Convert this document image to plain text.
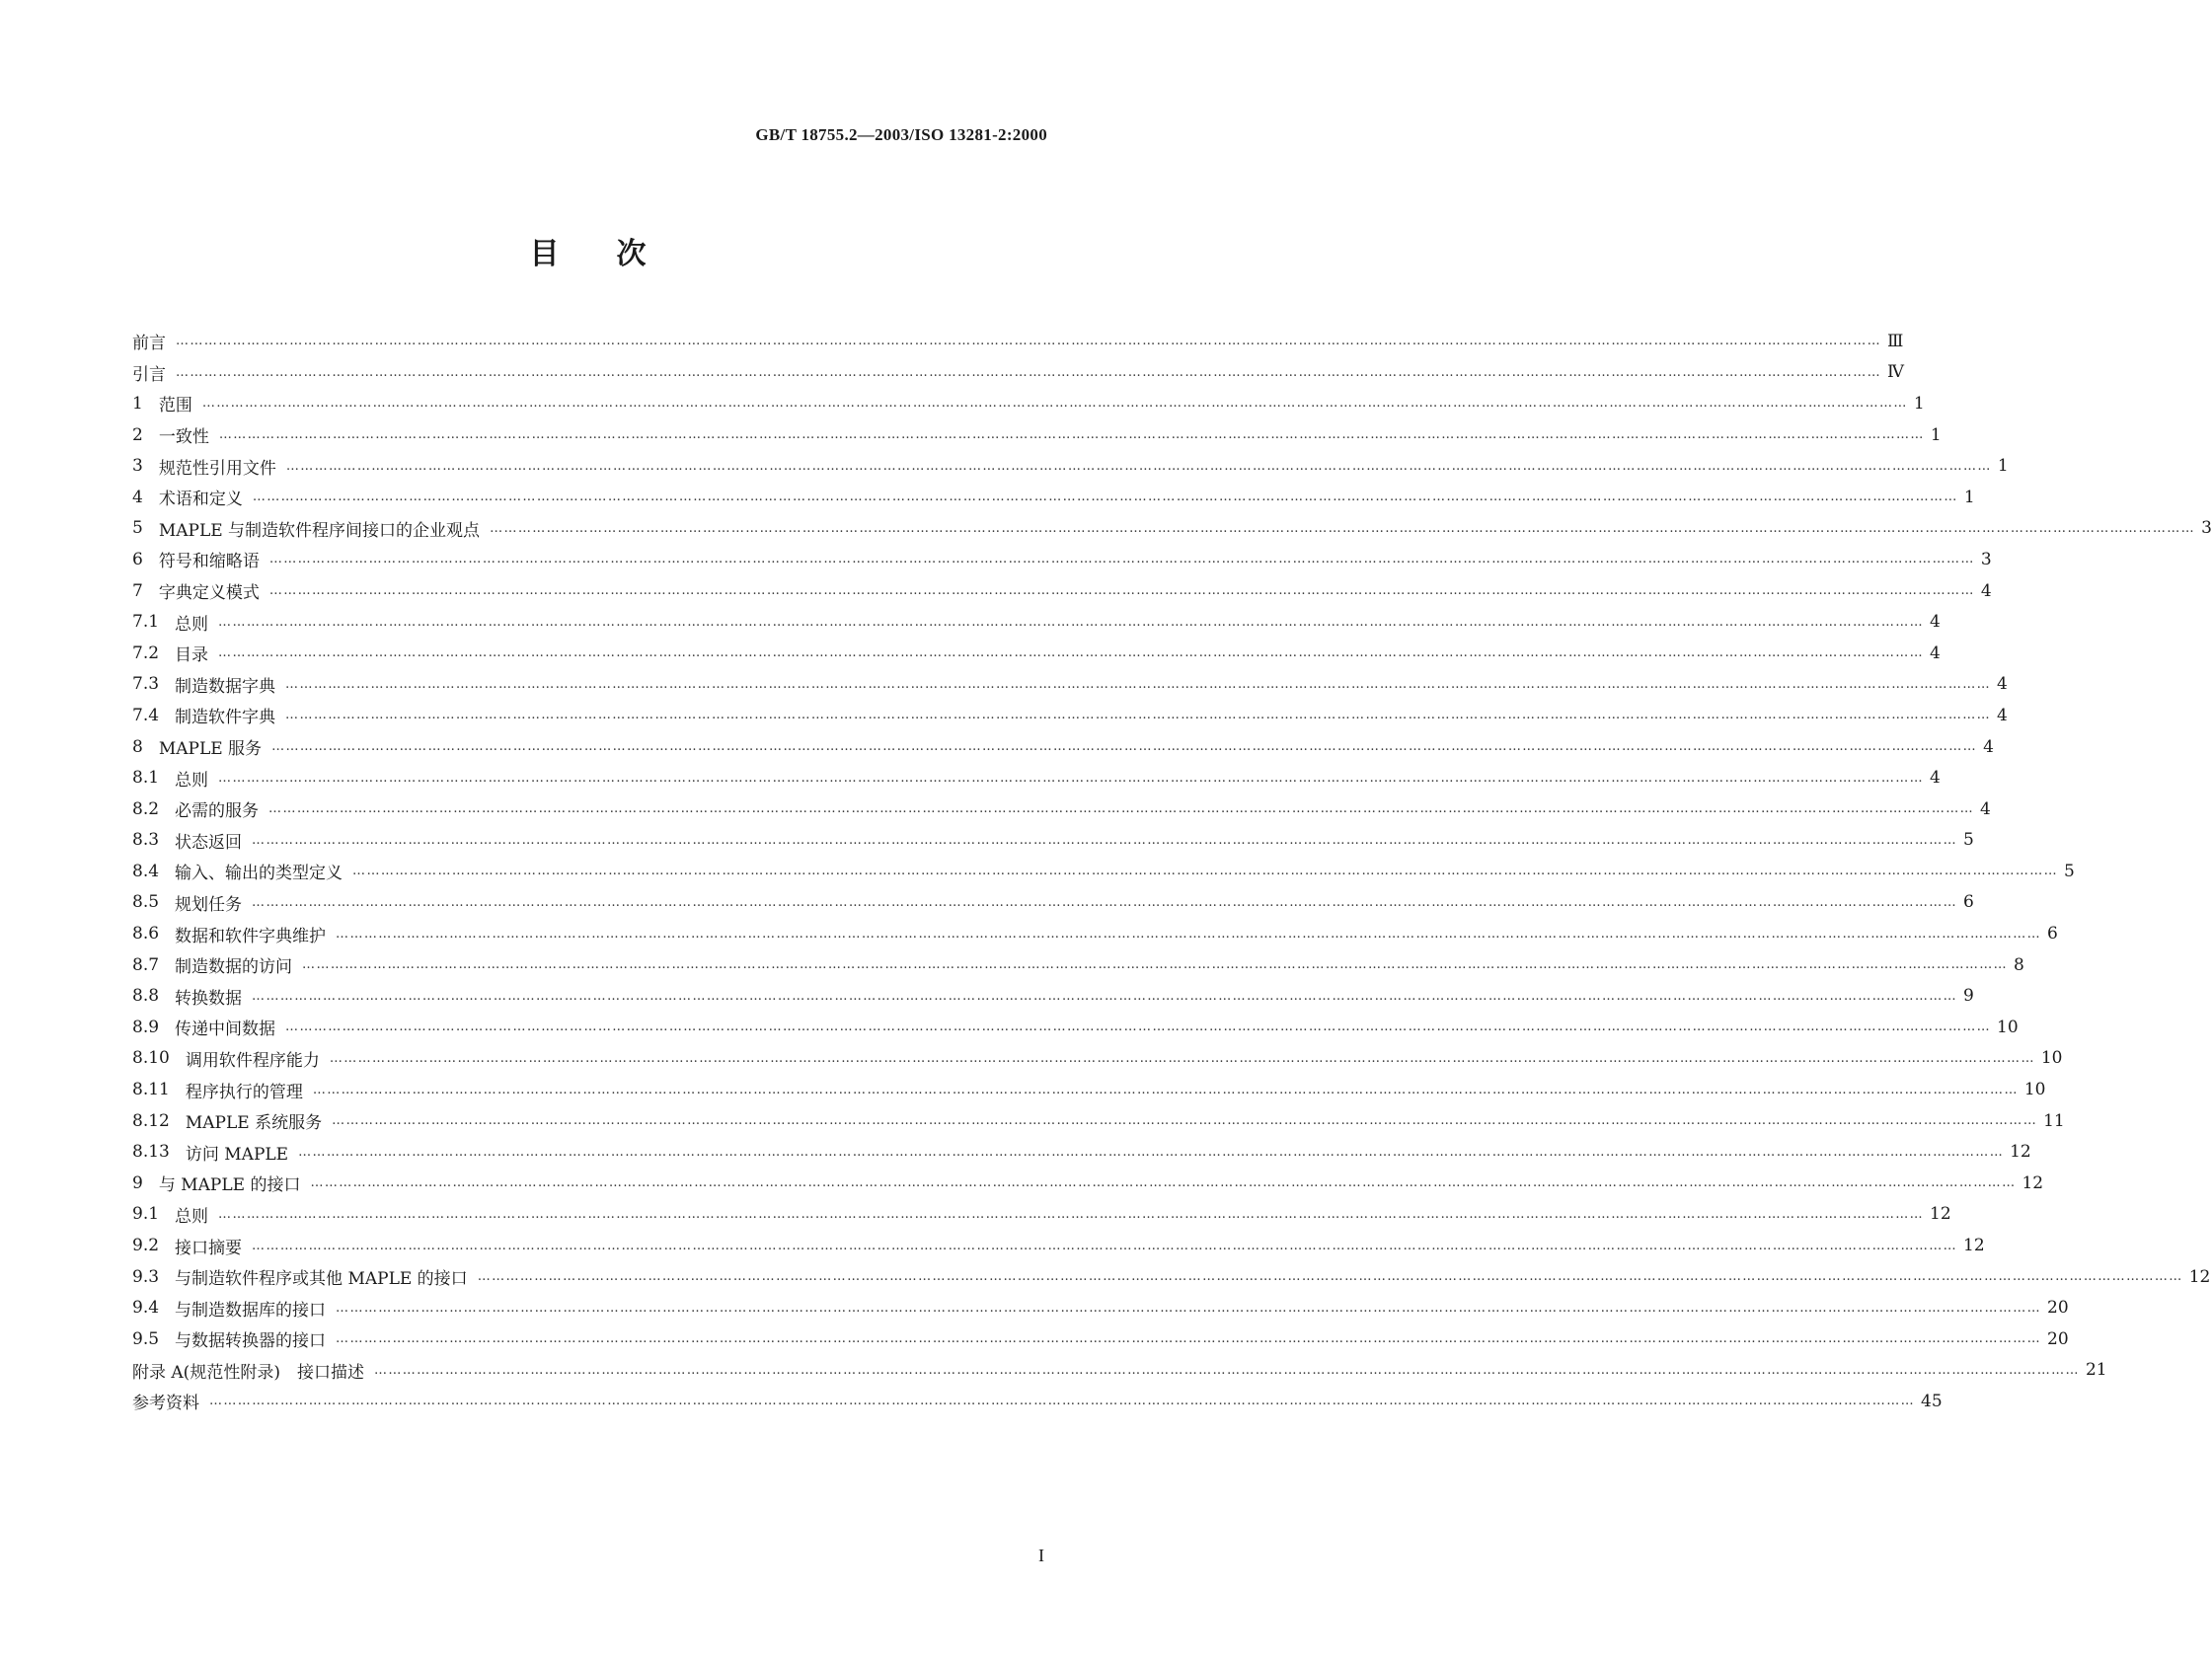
GB/T 18755.2—2003/ISO 13281-2:2000
目 次
前言 ……………………………………………………………………………………………………………………………………………………………………………………………………………………………………………………………………………………………………………………………… Ⅲ
引言 ……………………………………………………………………………………………………………………………………………………………………………………………………………………………………………………………………………………………………………………………… Ⅳ
1 范围 ……………………………………………………………………………………………………………………………………………………………………………………………………………………………………………………………………………………………………………………………… 1
2 一致性 ……………………………………………………………………………………………………………………………………………………………………………………………………………………………………………………………………………………………………………………………… 1
3 规范性引用文件 ……………………………………………………………………………………………………………………………………………………………………………………………………………………………………………………………………………………………………………………………… 1
4 术语和定义 ……………………………………………………………………………………………………………………………………………………………………………………………………………………………………………………………………………………………………………………………… 1
5 MAPLE 与制造软件程序间接口的企业观点 ……………………………………………………………………………………………………………………………………………………………………………………………………………………………………………………………………………………………………………………………… 3
6 符号和缩略语 ……………………………………………………………………………………………………………………………………………………………………………………………………………………………………………………………………………………………………………………………… 3
7 字典定义模式 ……………………………………………………………………………………………………………………………………………………………………………………………………………………………………………………………………………………………………………………………… 4
7.1 总则 ……………………………………………………………………………………………………………………………………………………………………………………………………………………………………………………………………………………………………………………………… 4
7.2 目录 ……………………………………………………………………………………………………………………………………………………………………………………………………………………………………………………………………………………………………………………………… 4
7.3 制造数据字典 ……………………………………………………………………………………………………………………………………………………………………………………………………………………………………………………………………………………………………………………………… 4
7.4 制造软件字典 ……………………………………………………………………………………………………………………………………………………………………………………………………………………………………………………………………………………………………………………………… 4
8 MAPLE 服务 ……………………………………………………………………………………………………………………………………………………………………………………………………………………………………………………………………………………………………………………………… 4
8.1 总则 ……………………………………………………………………………………………………………………………………………………………………………………………………………………………………………………………………………………………………………………………… 4
8.2 必需的服务 ……………………………………………………………………………………………………………………………………………………………………………………………………………………………………………………………………………………………………………………………… 4
8.3 状态返回 ……………………………………………………………………………………………………………………………………………………………………………………………………………………………………………………………………………………………………………………………… 5
8.4 输入、输出的类型定义 ……………………………………………………………………………………………………………………………………………………………………………………………………………………………………………………………………………………………………………………………… 5
8.5 规划任务 ……………………………………………………………………………………………………………………………………………………………………………………………………………………………………………………………………………………………………………………………… 6
8.6 数据和软件字典维护 ……………………………………………………………………………………………………………………………………………………………………………………………………………………………………………………………………………………………………………………………… 6
8.7 制造数据的访问 ……………………………………………………………………………………………………………………………………………………………………………………………………………………………………………………………………………………………………………………………… 8
8.8 转换数据 ……………………………………………………………………………………………………………………………………………………………………………………………………………………………………………………………………………………………………………………………… 9
8.9 传递中间数据 ……………………………………………………………………………………………………………………………………………………………………………………………………………………………………………………………………………………………………………………………… 10
8.10 调用软件程序能力 ……………………………………………………………………………………………………………………………………………………………………………………………………………………………………………………………………………………………………………………………… 10
8.11 程序执行的管理 ……………………………………………………………………………………………………………………………………………………………………………………………………………………………………………………………………………………………………………………………… 10
8.12 MAPLE 系统服务 ……………………………………………………………………………………………………………………………………………………………………………………………………………………………………………………………………………………………………………………………… 11
8.13 访问 MAPLE ……………………………………………………………………………………………………………………………………………………………………………………………………………………………………………………………………………………………………………………………… 12
9 与 MAPLE 的接口 ……………………………………………………………………………………………………………………………………………………………………………………………………………………………………………………………………………………………………………………………… 12
9.1 总则 ……………………………………………………………………………………………………………………………………………………………………………………………………………………………………………………………………………………………………………………………… 12
9.2 接口摘要 ……………………………………………………………………………………………………………………………………………………………………………………………………………………………………………………………………………………………………………………………… 12
9.3 与制造软件程序或其他 MAPLE 的接口 ……………………………………………………………………………………………………………………………………………………………………………………………………………………………………………………………………………………………………………………………… 12
9.4 与制造数据库的接口 ……………………………………………………………………………………………………………………………………………………………………………………………………………………………………………………………………………………………………………………………… 20
9.5 与数据转换器的接口 ……………………………………………………………………………………………………………………………………………………………………………………………………………………………………………………………………………………………………………………………… 20
附录 A(规范性附录)　接口描述 ……………………………………………………………………………………………………………………………………………………………………………………………………………………………………………………………………………………………………………………………… 21
参考资料 ……………………………………………………………………………………………………………………………………………………………………………………………………………………………………………………………………………………………………………………………… 45
I
